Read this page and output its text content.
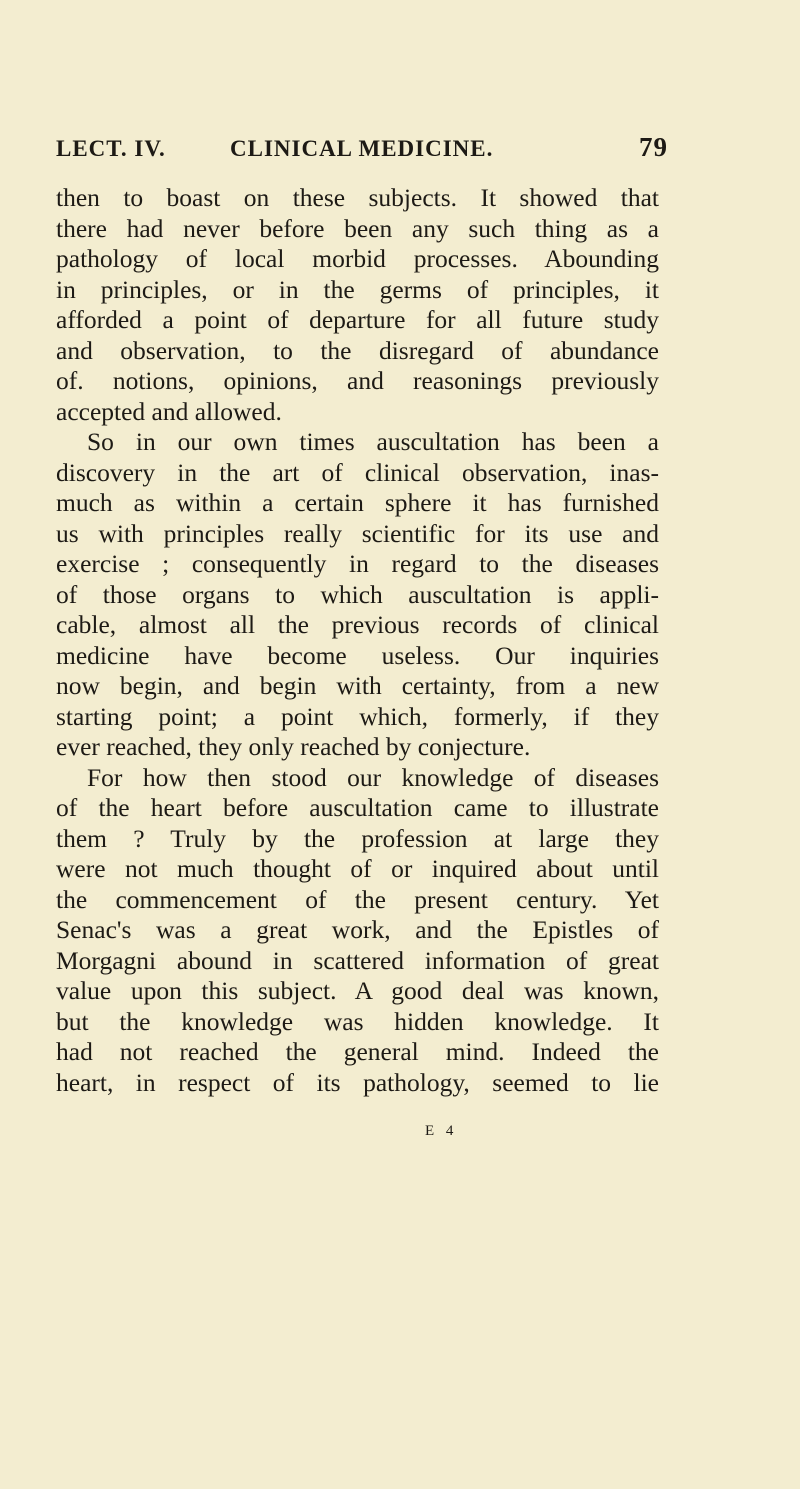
LECT. IV.	CLINICAL MEDICINE.	79
then to boast on these subjects. It showed that
there had never before been any such thing as a
pathology of local morbid processes. Abounding
in principles, or in the germs of principles, it
afforded a point of departure for all future study
and observation, to the disregard of abundance
of. notions, opinions, and reasonings previously
accepted and allowed.
So in our own times auscultation has been a
discovery in the art of clinical observation, inas-
much as within a certain sphere it has furnished
us with principles really scientific for its use and
exercise ; consequently in regard to the diseases
of those organs to which auscultation is appli-
cable, almost all the previous records of clinical
medicine have become useless. Our inquiries
now begin, and begin with certainty, from a new
starting point; a point which, formerly, if they
ever reached, they only reached by conjecture.
For how then stood our knowledge of diseases
of the heart before auscultation came to illustrate
them ? Truly by the profession at large they
were not much thought of or inquired about until
the commencement of the present century. Yet
Senac's was a great work, and the Epistles of
Morgagni abound in scattered information of great
value upon this subject. A good deal was known,
but the knowledge was hidden knowledge. It
had not reached the general mind. Indeed the
heart, in respect of its pathology, seemed to lie
E 4
